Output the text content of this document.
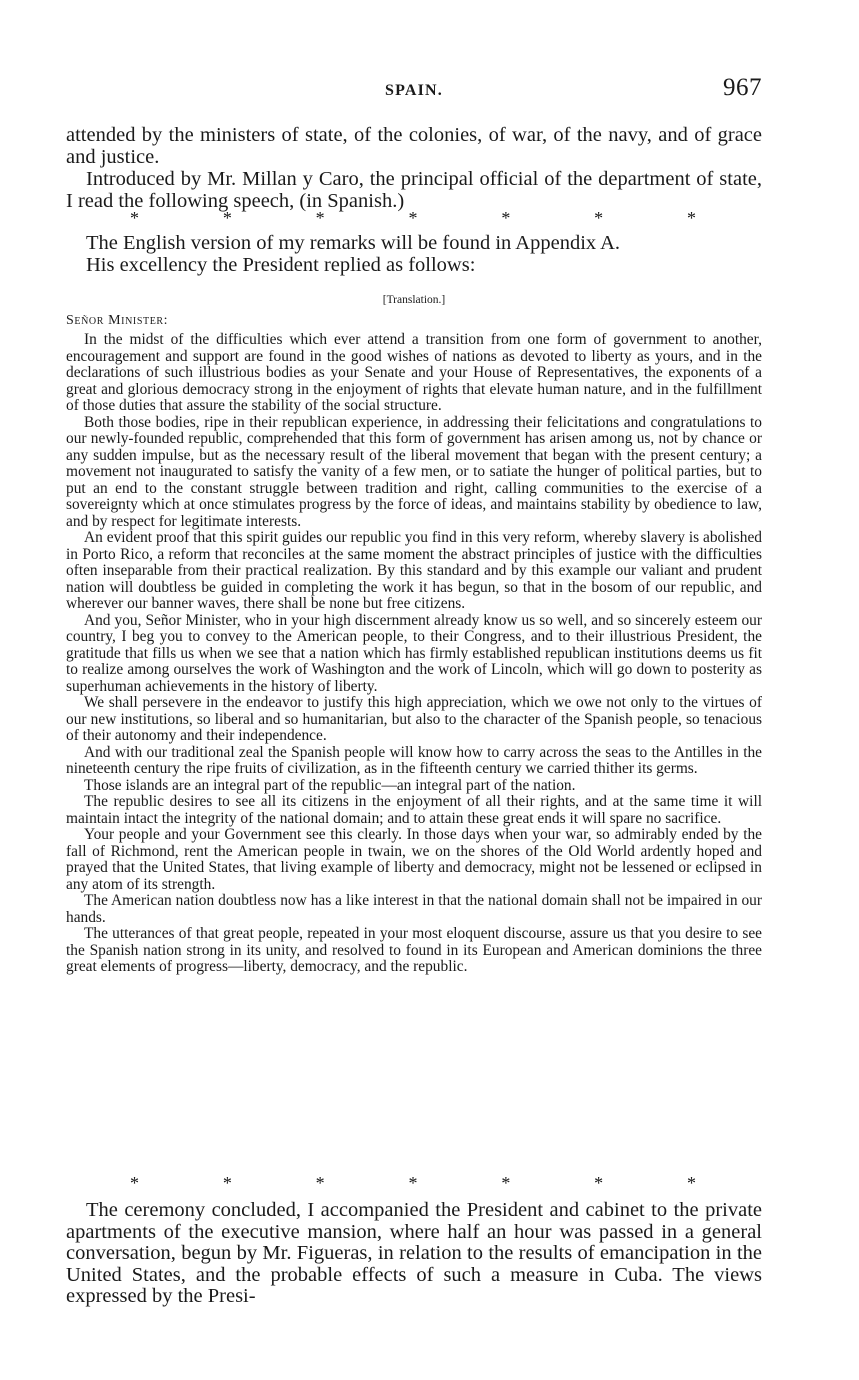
SPAIN.	967

attended by the ministers of state, of the colonies, of war, of the navy, and of grace and justice.

Introduced by Mr. Millan y Caro, the principal official of the department of state, I read the following speech, (in Spanish.)

*	*	*	*	*	*	*

The English version of my remarks will be found in Appendix A.

His excellency the President replied as follows:

[Translation.]
Señor Minister:

In the midst of the difficulties which ever attend a transition from one form of government to another, encouragement and support are found in the good wishes of nations as devoted to liberty as yours, and in the declarations of such illustrious bodies as your Senate and your House of Representatives, the exponents of a great and glorious democracy strong in the enjoyment of rights that elevate human nature, and in the fulfillment of those duties that assure the stability of the social structure.

Both those bodies, ripe in their republican experience, in addressing their felicitations and congratulations to our newly-founded republic, comprehended that this form of government has arisen among us, not by chance or any sudden impulse, but as the necessary result of the liberal movement that began with the present century; a movement not inaugurated to satisfy the vanity of a few men, or to satiate the hunger of political parties, but to put an end to the constant struggle between tradition and right, calling communities to the exercise of a sovereignty which at once stimulates progress by the force of ideas, and maintains stability by obedience to law, and by respect for legitimate interests.

An evident proof that this spirit guides our republic you find in this very reform, whereby slavery is abolished in Porto Rico, a reform that reconciles at the same moment the abstract principles of justice with the difficulties often inseparable from their practical realization. By this standard and by this example our valiant and prudent nation will doubtless be guided in completing the work it has begun, so that in the bosom of our republic, and wherever our banner waves, there shall be none but free citizens.

And you, Señor Minister, who in your high discernment already know us so well, and so sincerely esteem our country, I beg you to convey to the American people, to their Congress, and to their illustrious President, the gratitude that fills us when we see that a nation which has firmly established republican institutions deems us fit to realize among ourselves the work of Washington and the work of Lincoln, which will go down to posterity as superhuman achievements in the history of liberty.

We shall persevere in the endeavor to justify this high appreciation, which we owe not only to the virtues of our new institutions, so liberal and so humanitarian, but also to the character of the Spanish people, so tenacious of their autonomy and their independence.

And with our traditional zeal the Spanish people will know how to carry across the seas to the Antilles in the nineteenth century the ripe fruits of civilization, as in the fifteenth century we carried thither its germs.

Those islands are an integral part of the republic—an integral part of the nation.

The republic desires to see all its citizens in the enjoyment of all their rights, and at the same time it will maintain intact the integrity of the national domain; and to attain these great ends it will spare no sacrifice.

Your people and your Government see this clearly. In those days when your war, so admirably ended by the fall of Richmond, rent the American people in twain, we on the shores of the Old World ardently hoped and prayed that the United States, that living example of liberty and democracy, might not be lessened or eclipsed in any atom of its strength.

The American nation doubtless now has a like interest in that the national domain shall not be impaired in our hands.

The utterances of that great people, repeated in your most eloquent discourse, assure us that you desire to see the Spanish nation strong in its unity, and resolved to found in its European and American dominions the three great elements of progress—liberty, democracy, and the republic.

*	*	*	*	*	*	*

The ceremony concluded, I accompanied the President and cabinet to the private apartments of the executive mansion, where half an hour was passed in a general conversation, begun by Mr. Figueras, in relation to the results of emancipation in the United States, and the probable effects of such a measure in Cuba. The views expressed by the Presi-
